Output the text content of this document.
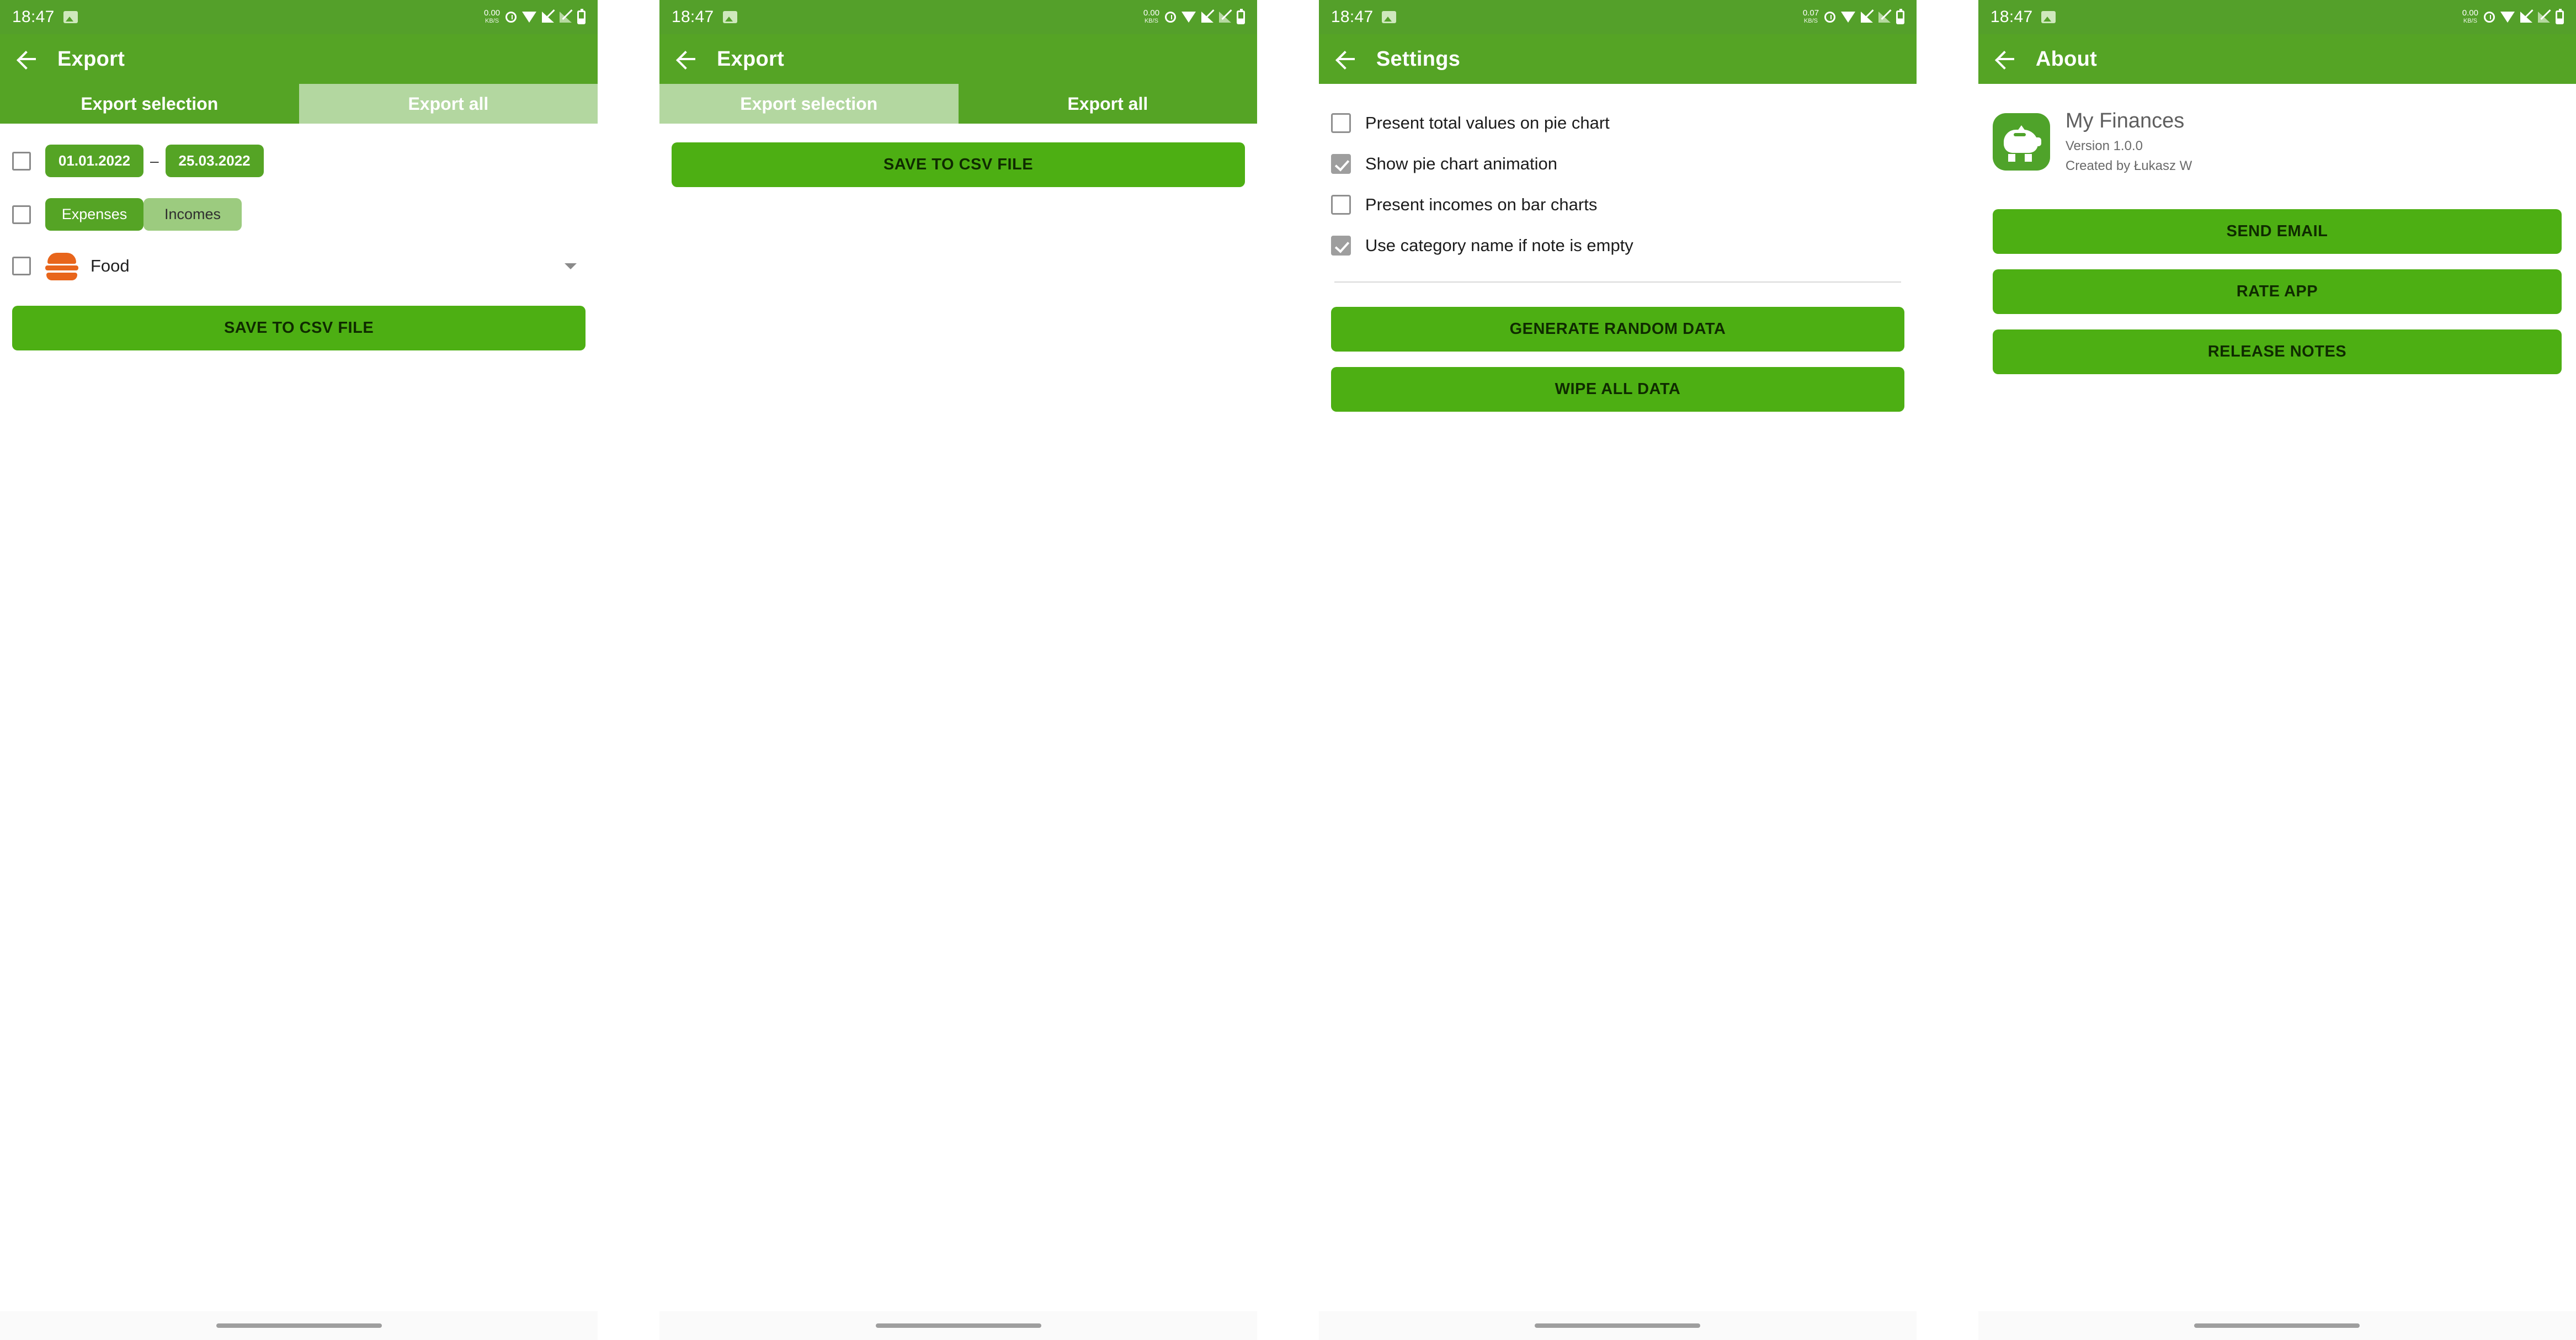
18:47	0.00
KB/S
Export
Export selection	Export all
01.01.2022	–	25.03.2022
Expenses	Incomes
Food
SAVE TO CSV FILE
18:47	0.00
KB/S
Export
Export selection	Export all
SAVE TO CSV FILE
18:47	0.07
KB/S
Settings
Present total values on pie chart
Show pie chart animation
Present incomes on bar charts
Use category name if note is empty
GENERATE RANDOM DATA
WIPE ALL DATA
18:47	0.00
KB/S
About
My Finances
Version 1.0.0
Created by Łukasz W
SEND EMAIL
RATE APP
RELEASE NOTES
